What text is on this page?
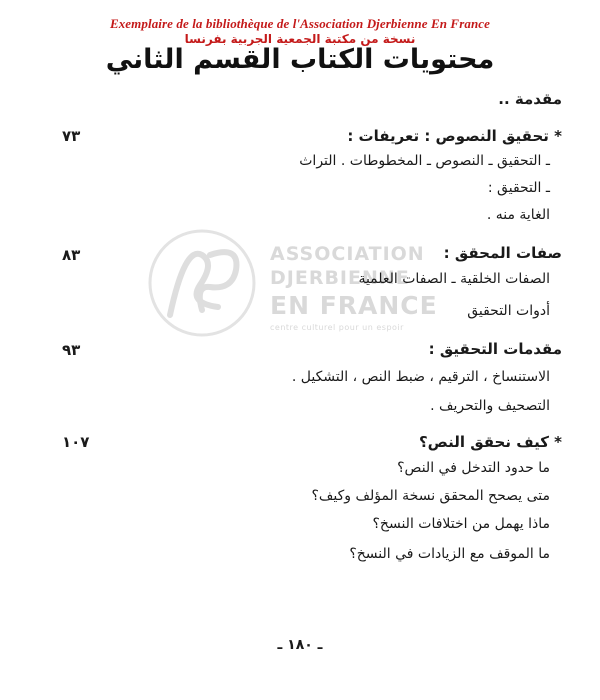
Exemplaire de la bibliothèque de l'Association Djerbienne En France
نسخة من مكتبة الجمعية الجربية بفرنسا
محتويات الكتاب القسم الثاني
ASSOCIATION
DJERBIENNE
EN FRANCE
centre culturel pour un espoir
مقدمة ..
* تحقيق النصوص : تعريفات :
٧٣
ـ التحقيق ـ النصوص ـ المخطوطات . التراث
ـ التحقيق :
الغاية منه .
صفات المحقق :
٨٣
الصفات الخلقية ـ الصفات العلمية
أدوات التحقيق
مقدمات التحقيق :
٩٣
الاستنساخ ، الترقيم ، ضبط النص ، التشكيل .
التصحيف والتحريف .
* كيف نحقق النص؟
١٠٧
ما حدود التدخل في النص؟
متى يصحح المحقق نسخة المؤلف وكيف؟
ماذا يهمل من اختلافات النسخ؟
ما الموقف مع الزيادات في النسخ؟
ـ ١٨٠ ـ
